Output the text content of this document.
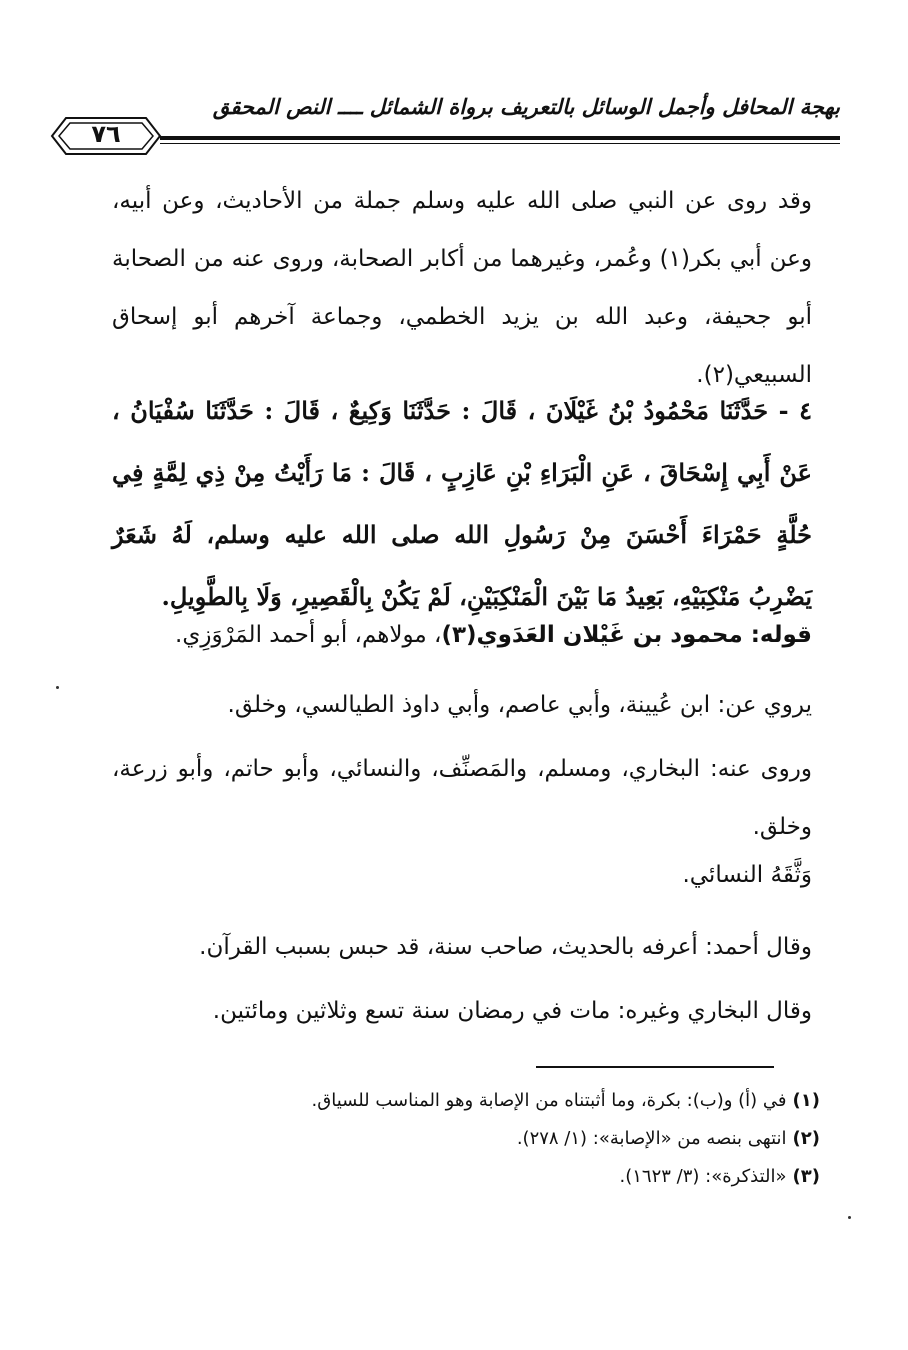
بهجة المحافل وأجمل الوسائل بالتعريف برواة الشمائل ــــ النص المحقق
٧٦

وقد روى عن النبي صلى الله عليه وسلم جملة من الأحاديث، وعن أبيه، وعن أبي بكر(١) وعُمر، وغيرهما من أكابر الصحابة، وروى عنه من الصحابة أبو جحيفة، وعبد الله بن يزيد الخطمي، وجماعة آخرهم أبو إسحاق السبيعي(٢).

٤ - حَدَّثَنَا مَحْمُودُ بْنُ غَيْلَانَ ، قَالَ : حَدَّثَنَا وَكِيعٌ ، قَالَ : حَدَّثَنَا سُفْيَانُ ، عَنْ أَبِي إِسْحَاقَ ، عَنِ الْبَرَاءِ بْنِ عَازِبٍ ، قَالَ : مَا رَأَيْتُ مِنْ ذِي لِمَّةٍ فِي حُلَّةٍ حَمْرَاءَ أَحْسَنَ مِنْ رَسُولِ الله صلى الله عليه وسلم، لَهُ شَعَرٌ يَضْرِبُ مَنْكِبَيْهِ، بَعِيدُ مَا بَيْنَ الْمَنْكِبَيْنِ، لَمْ يَكُنْ بِالْقَصِيرِ، وَلَا بِالطَّوِيلِ.

قوله: محمود بن غَيْلان العَدَوي(٣)، مولاهم، أبو أحمد المَرْوَزِي.

يروي عن: ابن عُيينة، وأبي عاصم، وأبي داوذ الطيالسي، وخلق.

وروى عنه: البخاري، ومسلم، والمَصنِّف، والنسائي، وأبو حاتم، وأبو زرعة، وخلق.

وَثَّقَهُ النسائي.

وقال أحمد: أعرفه بالحديث، صاحب سنة، قد حبس بسبب القرآن.

وقال البخاري وغيره: مات في رمضان سنة تسع وثلاثين ومائتين.

(١)في (أ) و(ب): بكرة، وما أثبتناه من الإصابة وهو المناسب للسياق.

(٢)انتهى بنصه من «الإصابة»: (١/ ٢٧٨).

(٣)«التذكرة»: (٣/ ١٦٢٣).
